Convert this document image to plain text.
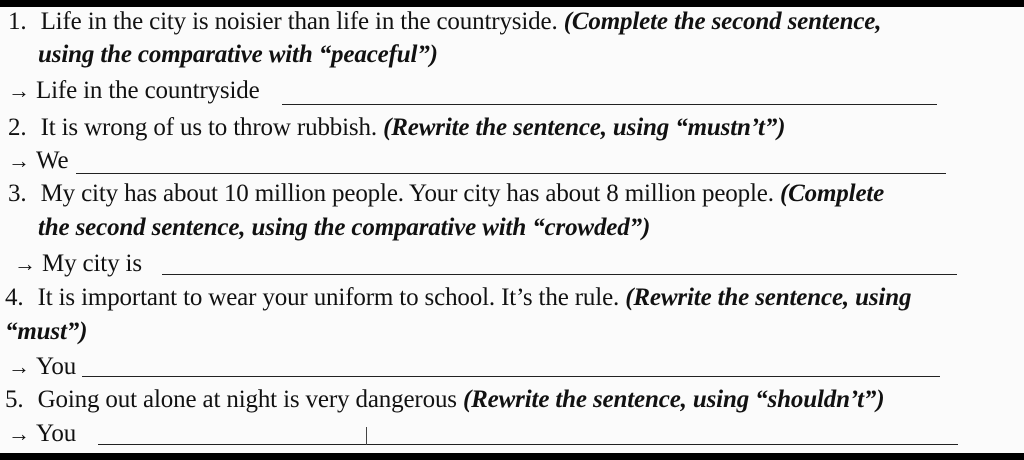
1. Life in the city is noisier than life in the countryside. (Complete the second sentence,
using the comparative with “peaceful”)
→ Life in the countryside
2. It is wrong of us to throw rubbish. (Rewrite the sentence, using “mustn’t”)
→ We
3. My city has about 10 million people. Your city has about 8 million people. (Complete
the second sentence, using the comparative with “crowded”)
→ My city is
4. It is important to wear your uniform to school. It’s the rule. (Rewrite the sentence, using
“must”)
→ You
5. Going out alone at night is very dangerous (Rewrite the sentence, using “shouldn’t”)
→ You
